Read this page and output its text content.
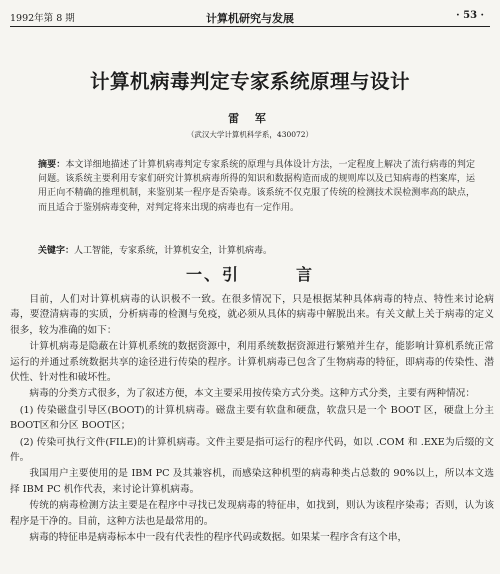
1992年第 8 期	计算机研究与发展	· 53 ·
计算机病毒判定专家系统原理与设计
雷 军
（武汉大学计算机科学系，430072）
摘要：本文详细地描述了计算机病毒判定专家系统的原理与具体设计方法，一定程度上解决了流行病毒的判定问题。该系统主要利用专家们研究计算机病毒所得的知识和数据构造而成的规则库以及已知病毒的档案库，运用正向不精确的推理机制，来鉴别某一程序是否染毒。该系统不仅克服了传统的检测技术误检测率高的缺点，而且适合于鉴别病毒变种，对判定将来出现的病毒也有一定作用。
关键字：人工智能，专家系统，计算机安全，计算机病毒。
一、引	言

目前，人们对计算机病毒的认识极不一致。在很多情况下，只是根据某种具体病毒的特点、特性来讨论病毒，要澄清病毒的实质，分析病毒的检测与免疫，就必须从具体的病毒中解脱出来。有关文献上关于病毒的定义很多，较为准确的如下：

计算机病毒是隐蔽在计算机系统的数据资源中，利用系统数据资源进行繁殖并生存，能影响计算机系统正常运行的并通过系统数据共享的途径进行传染的程序。计算机病毒已包含了生物病毒的特征，即病毒的传染性、潜伏性、针对性和破坏性。

病毒的分类方式很多，为了叙述方便，本文主要采用按传染方式分类。这种方式分类，主要有两种情况：

(1) 传染磁盘引导区(BOOT)的计算机病毒。磁盘主要有软盘和硬盘，软盘只是一个 BOOT 区，硬盘上分主 BOOT区和分区 BOOT区；

(2) 传染可执行文件(FILE)的计算机病毒。文件主要是指可运行的程序代码，如以 .COM 和 .EXE为后缀的文件。

我国用户主要使用的是 IBM PC 及其兼容机，而感染这种机型的病毒种类占总数的 90%以上，所以本文选择 IBM PC 机作代表，来讨论计算机病毒。

传统的病毒检测方法主要是在程序中寻找已发现病毒的特征串，如找到，则认为该程序染毒；否则，认为该程序是干净的。目前，这种方法也是最常用的。

病毒的特征串是病毒标本中一段有代表性的程序代码或数据。如果某一程序含有这个串，
